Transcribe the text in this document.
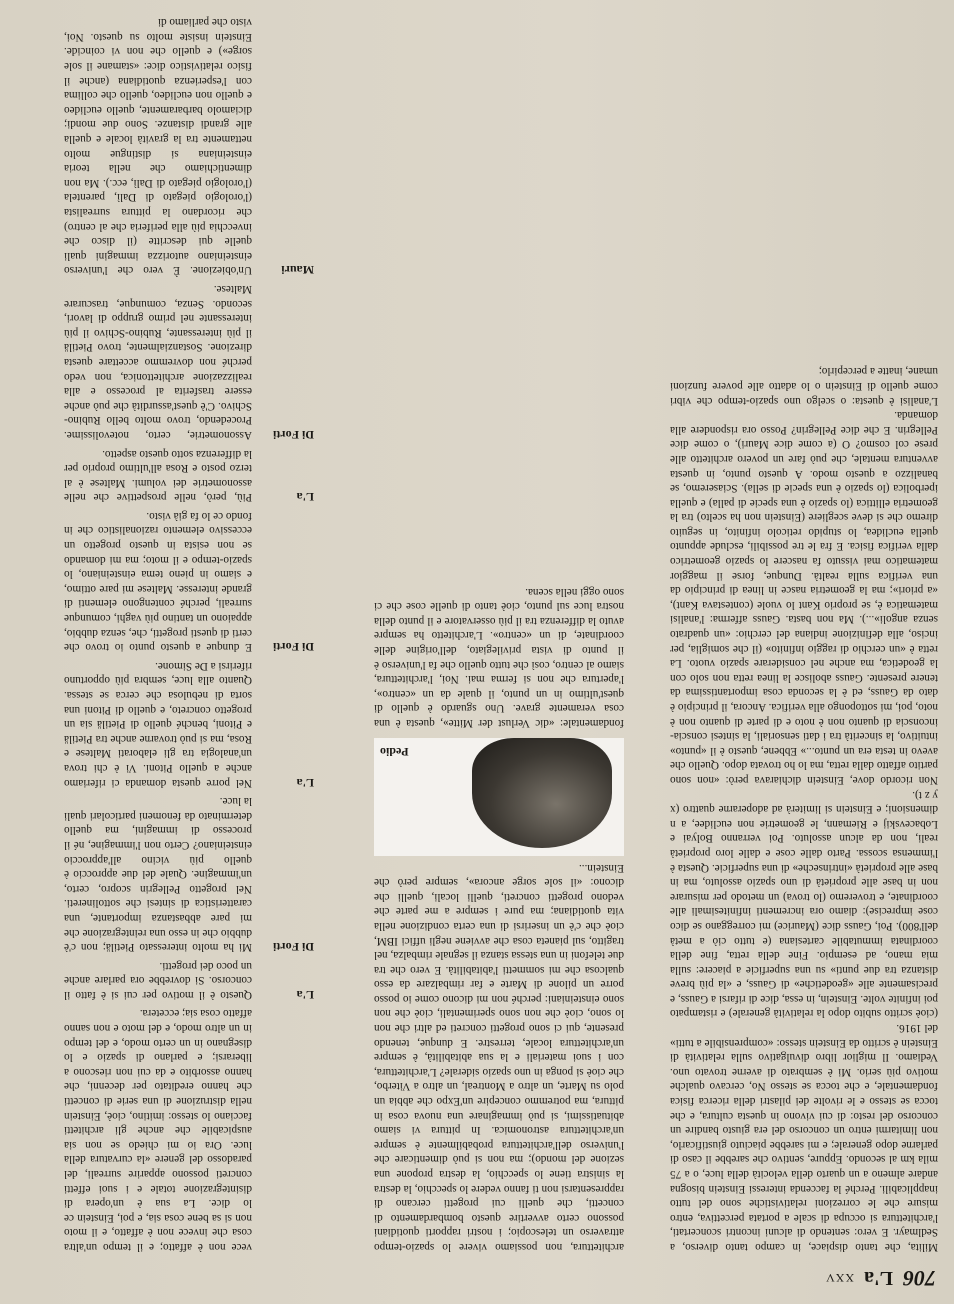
706
L'a
XXV

Milita, che tanto dispiace, in campo tanto diverso, a Sedlmayr. E vero: sentendo di alcuni incontri sconcertati, l'architettura si occupa di scale a portata percettiva, entro misure che le correzioni relativistiche sono del tutto inapplicabili. Perché la faccenda interessi Einstein bisogna andare almeno a un quarto della velocità della luce, o a 75 mila km al secondo. Eppure, sentivo che sarebbe il caso di parlarne dopo generale; e mi sarebbe piaciuto giustificarlo, non limitarmi entro un concorso del era giusto bandire un concorso del resto: di cui vivono in questa cultura, e che tocca se stesso e le rivolte dei pilastri della ricerca fisica fondamentale, e che tocca se stesso No, cercavo qualche motivo più serio. Mi è sembrato di averne trovato uno. Vediamo. Il miglior libro divulgativo sulla relatività di Einstein è scritto da Einstein stesso: «comprensibile a tutti» del 1916.

(cioè scritto subito dopo la relatività generale) e ristampato poi infinite volte. Einstein, in essa, dice di rifarsi a Gauss, e precisamente alle «geodetiche» di Gauss, e «la più breve distanza tra due punti» su una superficie a piacere: sulla mia mano, ad esempio. Fine della retta, fine della coordinata immutabile cartesiana (e tutto ciò a metà dell'800). Poi, Gauss dice (Maurice) mi correggano se dico cose imprecise): diamo ora incrementi infinitesimali alle coordinate, e troveremo (lo trova) un metodo per misurare non in base alle proprietà di uno spazio assoluto, ma in base alle proprietà «intrinseche» di una superficie. Questa è l'immensa scossa. Parto dalle cose e dalle loro proprietà reali, non da alcun assoluto. Poi verranno Bolyai e Lobacevskij e Riemann, le geometrie non euclidee, a n dimensioni; e Einstein si limiterà ad adoperarne quattro (x y z t).

Non ricordo dove, Einstein dichiarava però: «non sono partito affatto dalla retta, ma lo ho trovata dopo. Quello che avevo in testa era un punto...» Ebbene, questo è il «punto» intuitivo, la sincerità tra i dati sensoriali, la sintesi conscia-inconscia di quanto non è noto e di parte di quanto non è noto, poi, mi sottopongo alla verifica. Ancora, il principio è dato da Gauss, ed è la seconda cosa importantissima da tenere presente. Gauss abolisce la linea retta non solo con la geodetica, ma anche nel considerare spazio vuoto. La retta è «un cerchio di raggio infinito» (il che somiglia, per inciso, alla definizione indiana del cerchio: «un quadrato senza angoli»...). Ma non basta. Gauss afferma: l'analisi matematica è, se proprio Kant lo vuole (contestava Kant), «a priori»; ma la geometria nasce in linea di principio da una verifica sulla realtà. Dunque, forse il maggior matematico mai vissuto fa nascere lo spazio geometrico dalla verifica fisica. E fra le tre possibili, esclude appunto quella euclidea, lo stupido reticolo infinito, in seguito diremo che si deve scegliere (Einstein non ha scelto) tra la geometria ellittica (lo spazio è una specie di palla) e quella iperbolica (lo spazio è una specie di sella). Sciaseremo, se banalizzo a questo modo. A questo punto, in questa avventura mentale, che può fare un povero architetto alle prese col cosmo? O (a come dice Mauri), o come dice Pellegrin. E che dice Pellegrin? Posso ora rispondere alla domanda.

L'analisi è questa: o scelgo uno spazio-tempo che vibri come quello di Einstein o lo adatto alle povere funzioni umane, inatte a percepirlo;

architettura, non possiamo vivere lo spazio-tempo attraverso un telescopio; i nostri rapporti quotidiani possono certo avvertire questo bombardamento di concetti, che quelli cui progetti cercano di rappresentarsi non ti fanno vedere lo specchio, la destra la sinistra tiene lo specchio, la destra propone una sezione del mondo); ma non si può dimenticare che l'universo dell'architettura probabilmente è sempre un'architettura astronomica. In pittura vi siamo abituatissimi, si può immaginare una nuova cosa in pittura, ma potremmo concepire un'Expo che abbia un polo su Marte, un altro a Montreal, un altro a Viterbo, che cioè si ponga in uno spazio siderale? L'architettura, con i suoi materiali e la sua abitabilità, è sempre un'architettura locale, terrestre. E dunque, tenendo presente, qui ci sono progetti concreti ed altri che non lo sono, cioè che non sono sperimentali, cioè che non sono einsteiniani: perché non mi dicono come io posso porre un pilone di Marte e far rimbalzare da esso qualcosa che mi sommetti l'abitabilità. E vero che tra due telefoni in una stessa stanza il segnale rimbalza, nel tragitto, sul pianeta cosa che avviene negli uffici IBM, cioè che c'è un inserirsi di una certa condizione nella vita quotidiana; ma pure i sempre a me parte che vedono progetti concreti, quelli locali, quelli che dicono: «il sole sorge ancora», sempre però che Einstein...

Pedio

fondamentale: «dic Verlust der Mitte», questa è una cosa veramente grave. Uno sguardo è quello di quest'ultimo in un punto, il quale da un «centro», l'apertura che non si ferma mai. Noi, l'architettura, siamo al centro, così che tutto quello che fa l'universo è il punto di vista privilegiato, dell'origine delle coordinate, di un «centro». L'architetto ha sempre avuto la differenza tra il più osservatore e il punto della nostra luce sul punto, cioè tanto di quelle cose che ci sono oggi nella scena.

vece non è affatto; e il tempo un'altra cosa che invece non è affatto, e il moto non si sa bene cosa sia, e poi, Einstein ce lo dice. La sua è un'opera di disintegrazione totale e i suoi effetti concreti possono apparire surreali, del paradosso del genere «la curvatura della luce. Ora io mi chiedo se non sia auspicabile che anche gli architetti facciano lo stesso: imitino, cioè, Einstein nella distruzione di una serie di concetti che hanno ereditato per decenni, che hanno assorbito e da cui non riescono a liberarsi; e parlano di spazio e lo disegnano in un certo modo, e del tempo in un altro modo, e del moto e non sanno affatto cosa sia; eccetera.
L'a
Questo è il motivo per cui si è fatto il concorso. Si dovrebbe ora parlare anche un poco dei progetti.
Di Forti
Mi ha molto interessato Pietilä; non c'è dubbio che in esso una reintegrazione che mi pare abbastanza importante, una caratteristica di sintesi che sottolinereti. Nel progetto Pellegrin scopro, certo, un'immagine. Quale del due approccio è quello più vicino all'approccio einsteiniano? Certo non l'immagine, né il processo di immagini, ma quello determinato da fenomeni particolari quali la luce.
L'a
Nel porre questa domanda ci riferiamo anche a quello Pitoni. Vi è chi trova un'analogia tra gli elaborati Maltese e Rosa, ma si può trovarne anche tra Pietilä e Pitoni, benché quello di Pietilä sia un progetto concreto, e quello di Pitoni una sorta di nebulosa che cerca se stessa. Quanto alla luce, sembra più opportuno riferirsi a De Simone.
Di Forti
E dunque a questo punto io trovo che certi di questi progetti, che, senza dubbio, appaiono un tantino più vaghi, comunque surreali, perché contengono elementi di grande interesse. Maltese mi pare ottimo, e siamo in pieno tema einsteiniano, lo spazio-tempo e il moto; ma mi domando se non esista in questo progetto un eccessivo elemento razionalistico che in fondo ce lo fa già visto.
L'a
Più, però, nelle prospettive che nelle assonometrie dei volumi. Maltese è al terzo posto e Rosa all'ultimo proprio per la differenza sotto questo aspetto.
Di Forti
Assonometrie, certo, notevolissime. Procedendo, trovo molto bello Rubino-Schivo. C'è quest'assurdità che può anche essere trasferita al processo e alla realizzazione architettonica, non vedo perché non dovremmo accettare questa direzione. Sostanzialmente, trovo Pietilä il più interessante, Rubino-Schivo il più interessante nel primo gruppo di lavori, secondo. Senza, comunque, trascurare Maltese.
Mauri
Un'obiezione. È vero che l'universo einsteiniano autorizza immagini quali quelle qui descritte (il disco che invecchia più alla periferia che al centro) che ricordano la pittura surrealista (l'orologio piegato di Dalì, parentela (l'orologio piegato di Dalì, ecc.). Ma non dimentichiamo che nella teoria einsteiniana si distingue molto nettamente tra la gravità locale e quella alle grandi distanze. Sono due mondi; diciamolo barbaramente, quello euclideo e quello non euclideo, quello che collima con l'esperienza quotidiana (anche il fisico relativistico dice: «stamane il sole sorge») e quello che non vi coincide. Einstein insiste molto su questo. Noi, visto che parliamo di
